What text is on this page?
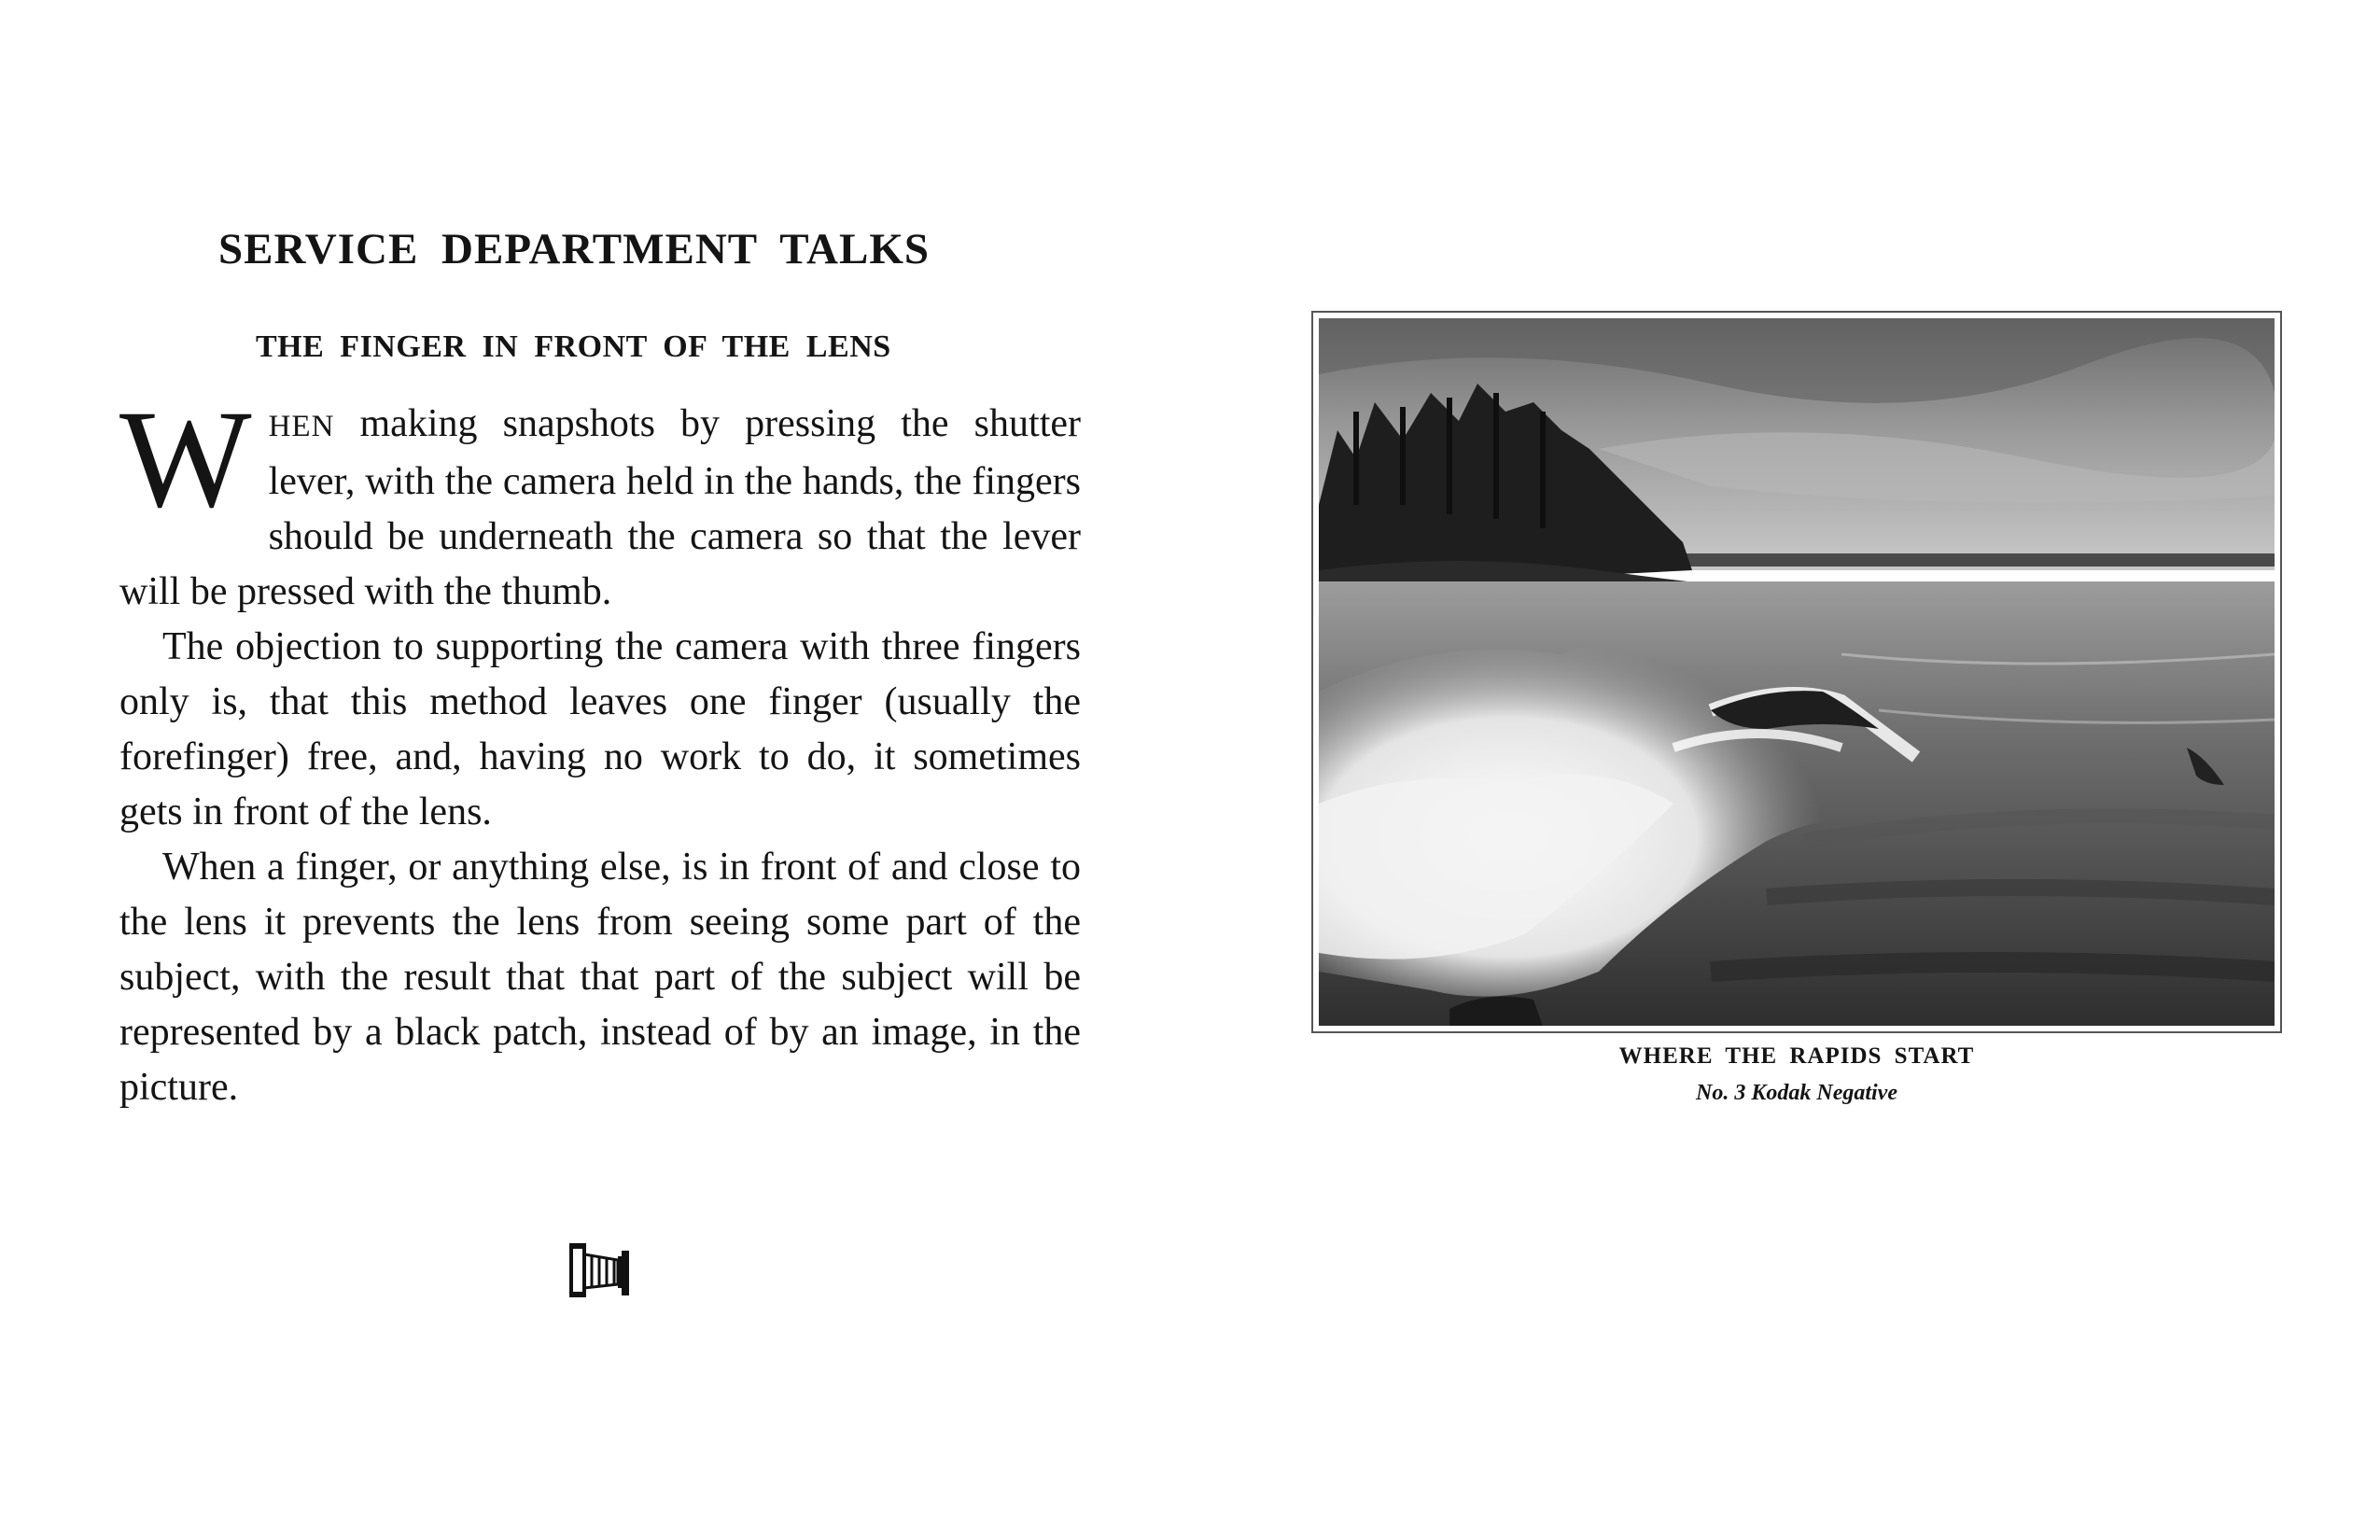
SERVICE DEPARTMENT TALKS
THE FINGER IN FRONT OF THE LENS

WHEN making snapshots by pressing the shutter lever, with the camera held in the hands, the fingers should be underneath the camera so that the lever will be pressed with the thumb.

The objection to supporting the camera with three fingers only is, that this method leaves one finger (usually the forefinger) free, and, having no work to do, it sometimes gets in front of the lens.

When a finger, or anything else, is in front of and close to the lens it prevents the lens from seeing some part of the subject, with the result that that part of the subject will be represented by a black patch, instead of by an image, in the picture.

WHERE THE RAPIDS START
No. 3 Kodak Negative
